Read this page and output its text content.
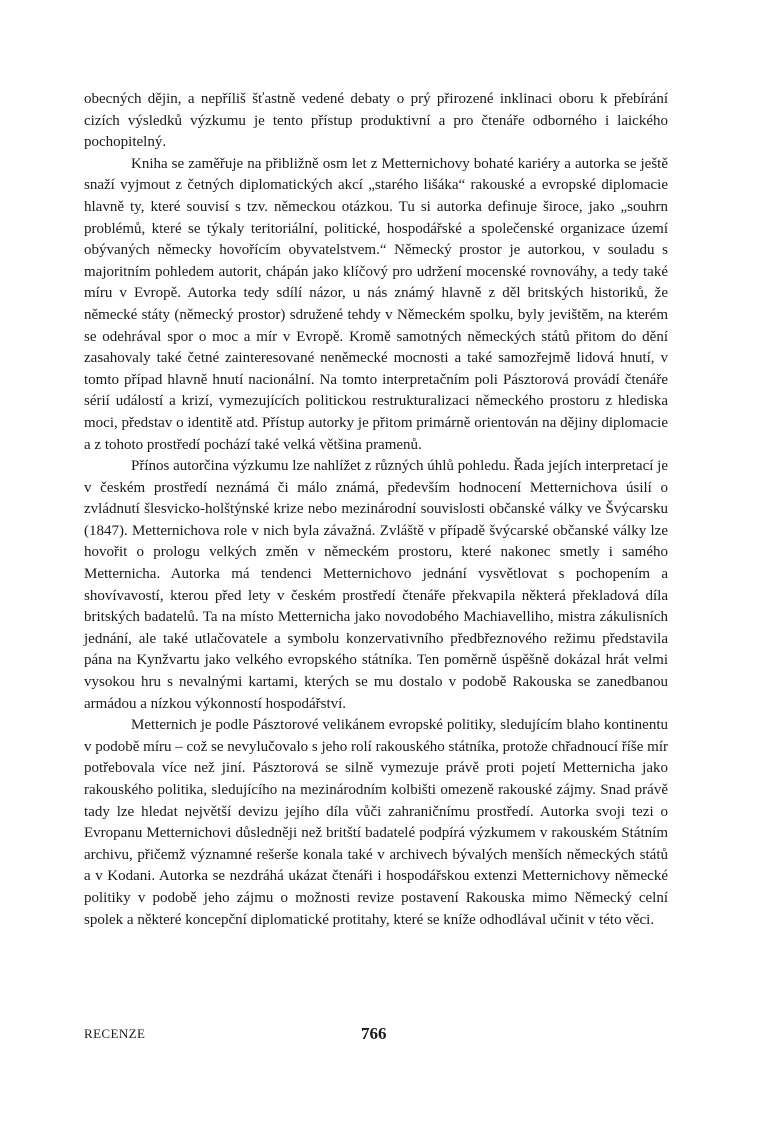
obecných dějin, a nepříliš šťastně vedené debaty o prý přirozené inklinaci oboru k přebírání cizích výsledků výzkumu je tento přístup produktivní a pro čtenáře odborného i laického pochopitelný.

Kniha se zaměřuje na přibližně osm let z Metternichovy bohaté kariéry a autorka se ještě snaží vyjmout z četných diplomatických akcí „starého lišáka“ rakouské a evropské diplomacie hlavně ty, které souvisí s tzv. německou otázkou. Tu si autorka definuje široce, jako „souhrn problémů, které se týkaly teritoriální, politické, hospodářské a společenské organizace území obývaných německy hovořícím obyvatelstvem.“ Německý prostor je autorkou, v souladu s majoritním pohledem autorit, chápán jako klíčový pro udržení mocenské rovnováhy, a tedy také míru v Evropě. Autorka tedy sdílí názor, u nás známý hlavně z děl britských historiků, že německé státy (německý prostor) sdružené tehdy v Německém spolku, byly jevištěm, na kterém se odehrával spor o moc a mír v Evropě. Kromě samotných německých států přitom do dění zasahovaly také četné zainteresované neněmecké mocnosti a také samozřejmě lidová hnutí, v tomto případ hlavně hnutí nacionální. Na tomto interpretačním poli Pásztorová provádí čtenáře sérií událostí a krizí, vymezujících politickou restrukturalizaci německého prostoru z hlediska moci, představ o identitě atd. Přístup autorky je přitom primárně orientován na dějiny diplomacie a z tohoto prostředí pochází také velká většina pramenů.

Přínos autorčina výzkumu lze nahlížet z různých úhlů pohledu. Řada jejích interpretací je v českém prostředí neznámá či málo známá, především hodnocení Metternichova úsilí o zvládnutí šlesvicko-holštýnské krize nebo mezinárodní souvislosti občanské války ve Švýcarsku (1847). Metternichova role v nich byla závažná. Zvláště v případě švýcarské občanské války lze hovořit o prologu velkých změn v německém prostoru, které nakonec smetly i samého Metternicha. Autorka má tendenci Metternichovo jednání vysvětlovat s pochopením a shovívavostí, kterou před lety v českém prostředí čtenáře překvapila některá překladová díla britských badatelů. Ta na místo Metternicha jako novodobého Machiavelliho, mistra zákulisních jednání, ale také utlačovatele a symbolu konzervativního předbřeznového režimu představila pána na Kynžvartu jako velkého evropského státníka. Ten poměrně úspěšně dokázal hrát velmi vysokou hru s nevalnými kartami, kterých se mu dostalo v podobě Rakouska se zanedbanou armádou a nízkou výkonností hospodářství.

Metternich je podle Pásztorové velikánem evropské politiky, sledujícím blaho kontinentu v podobě míru – což se nevylučovalo s jeho rolí rakouského státníka, protože chřadnoucí říše mír potřebovala více než jiní. Pásztorová se silně vymezuje právě proti pojetí Metternicha jako rakouského politika, sledujícího na mezinárodním kolbišti omezeně rakouské zájmy. Snad právě tady lze hledat největší devizu jejího díla vůči zahraničnímu prostředí. Autorka svoji tezi o Evropanu Metternichovi důsledněji než britští badatelé podpírá výzkumem v rakouském Státním archivu, přičemž významné rešerše konala také v archivech bývalých menších německých států a v Kodani. Autorka se nezdráhá ukázat čtenáři i hospodářskou extenzi Metternichovy německé politiky v podobě jeho zájmu o možnosti revize postavení Rakouska mimo Německý celní spolek a některé koncepční diplomatické protitahy, které se kníže odhodlával učinit v této věci.

RECENZE	766
